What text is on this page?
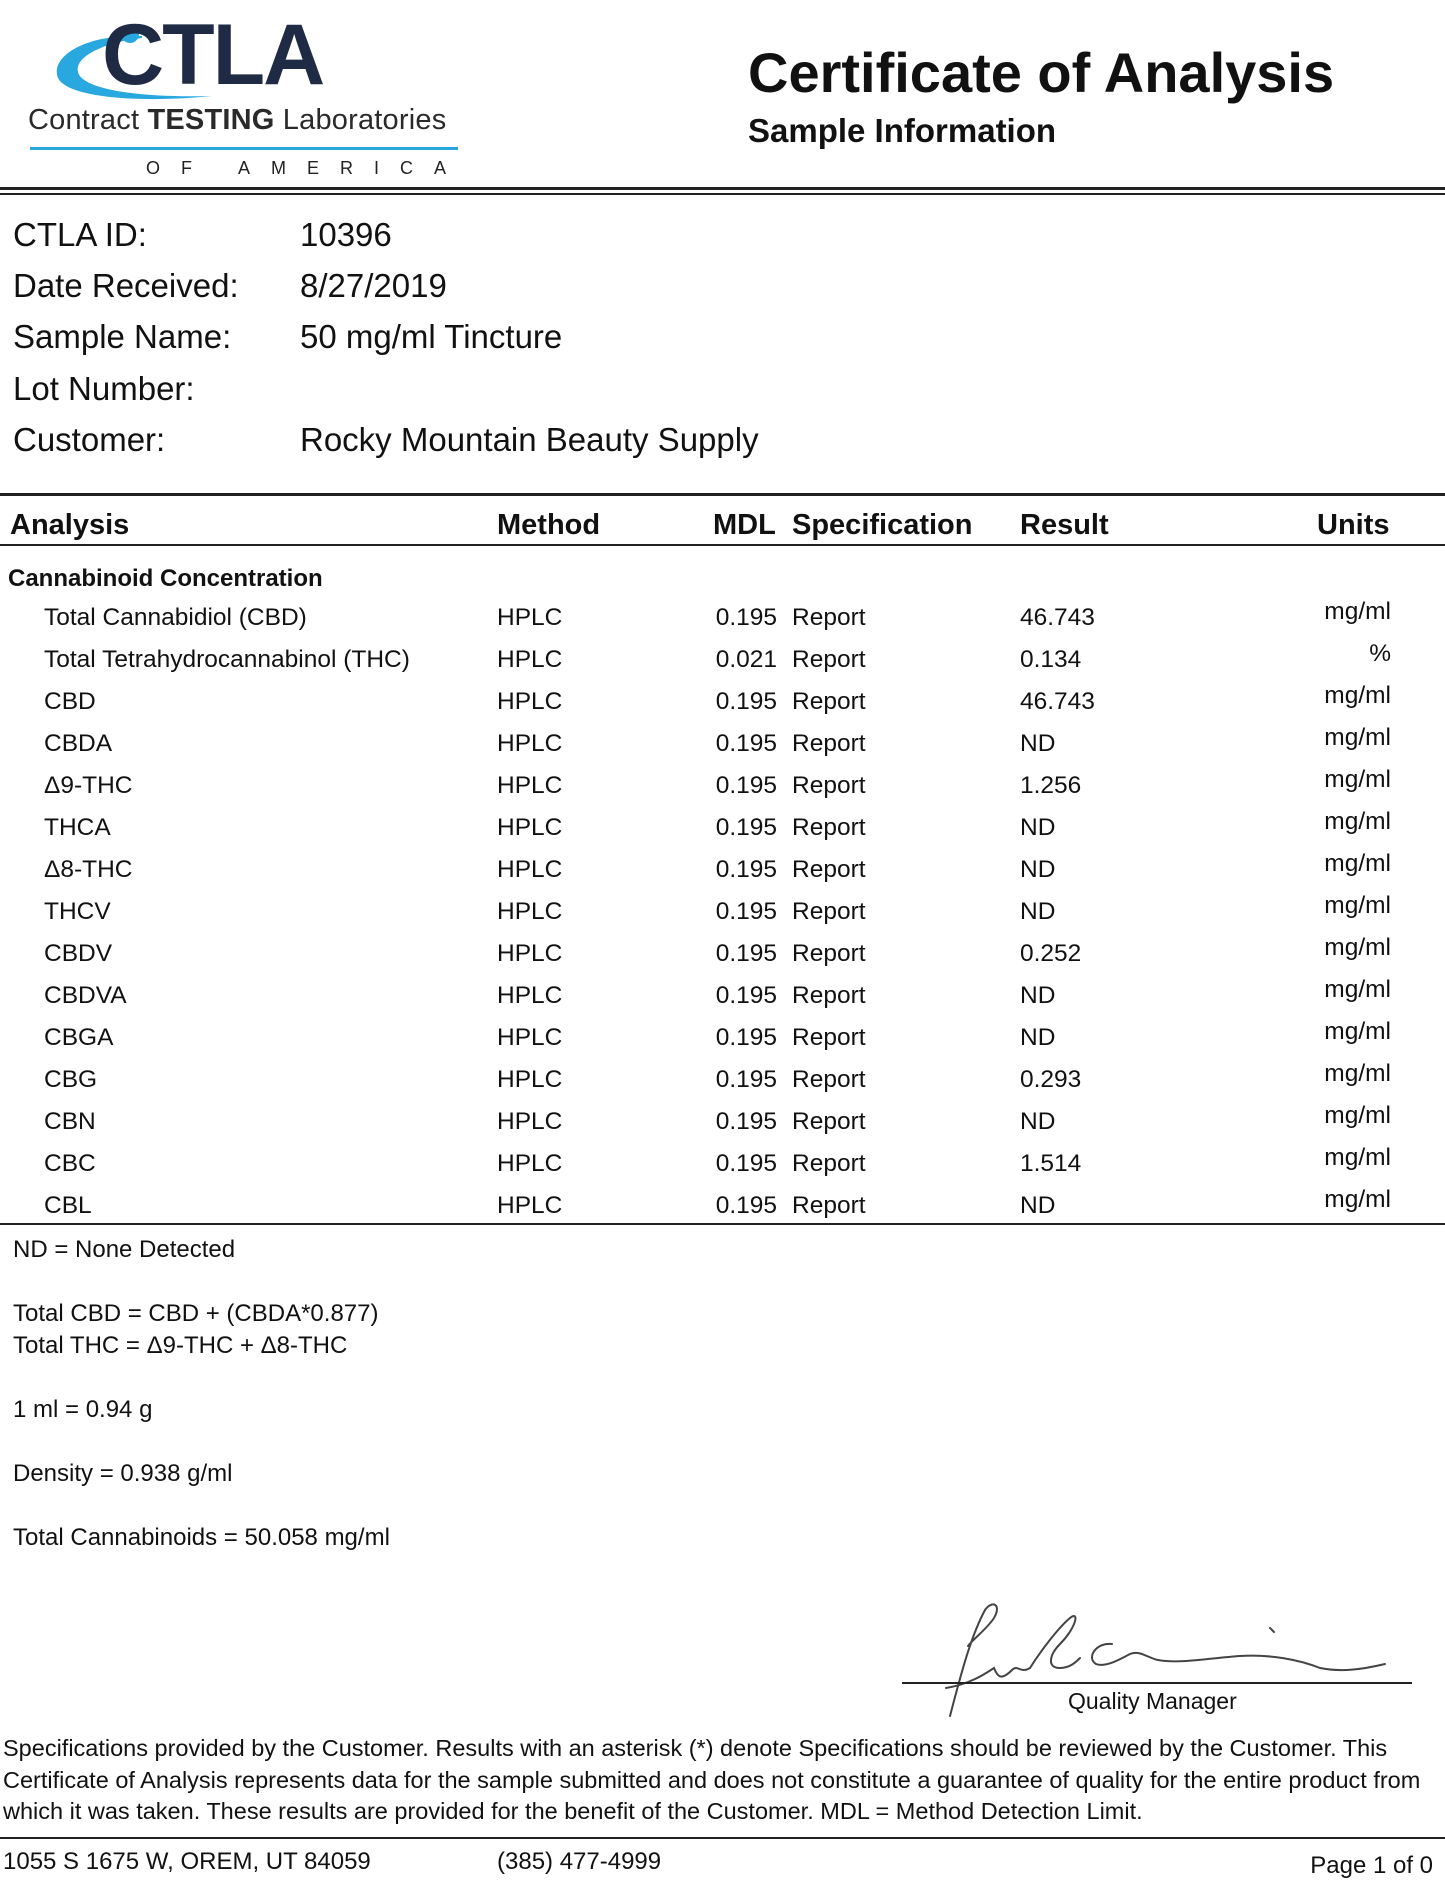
CTLA
Contract TESTING Laboratories
OF AMERICA
Certificate of Analysis
Sample Information
CTLA ID:	10396
Date Received: 8/27/2019
Sample Name: 50 mg/ml Tincture
Lot Number:
Customer:	Rocky Mountain Beauty Supply
Analysis	Method	MDL Specification Result	Units
Cannabinoid Concentration
Total Cannabidiol (CBD)	HPLC	0.195 Report	46.743	mg/ml
Total Tetrahydrocannabinol (THC)	HPLC	0.021 Report	0.134	%
CBD	HPLC	0.195 Report	46.743	mg/ml
CBDA	HPLC	0.195 Report	ND	mg/ml
Δ9-THC	HPLC	0.195 Report	1.256	mg/ml
THCA	HPLC	0.195 Report	ND	mg/ml
Δ8-THC	HPLC	0.195 Report	ND	mg/ml
THCV	HPLC	0.195 Report	ND	mg/ml
CBDV	HPLC	0.195 Report	0.252	mg/ml
CBDVA	HPLC	0.195 Report	ND	mg/ml
CBGA	HPLC	0.195 Report	ND	mg/ml
CBG	HPLC	0.195 Report	0.293	mg/ml
CBN	HPLC	0.195 Report	ND	mg/ml
CBC	HPLC	0.195 Report	1.514	mg/ml
CBL	HPLC	0.195 Report	ND	mg/ml
ND = None Detected
Total CBD = CBD + (CBDA*0.877)
Total THC = Δ9-THC + Δ8-THC
1 ml = 0.94 g
Density = 0.938 g/ml
Total Cannabinoids = 50.058 mg/ml
Quality Manager
Specifications provided by the Customer. Results with an asterisk (*) denote Specifications should be reviewed by the Customer. This Certificate of Analysis represents data for the sample submitted and does not constitute a guarantee of quality for the entire product from which it was taken. These results are provided for the benefit of the Customer. MDL = Method Detection Limit.
1055 S 1675 W, OREM, UT 84059	(385) 477-4999	Page 1 of 0
